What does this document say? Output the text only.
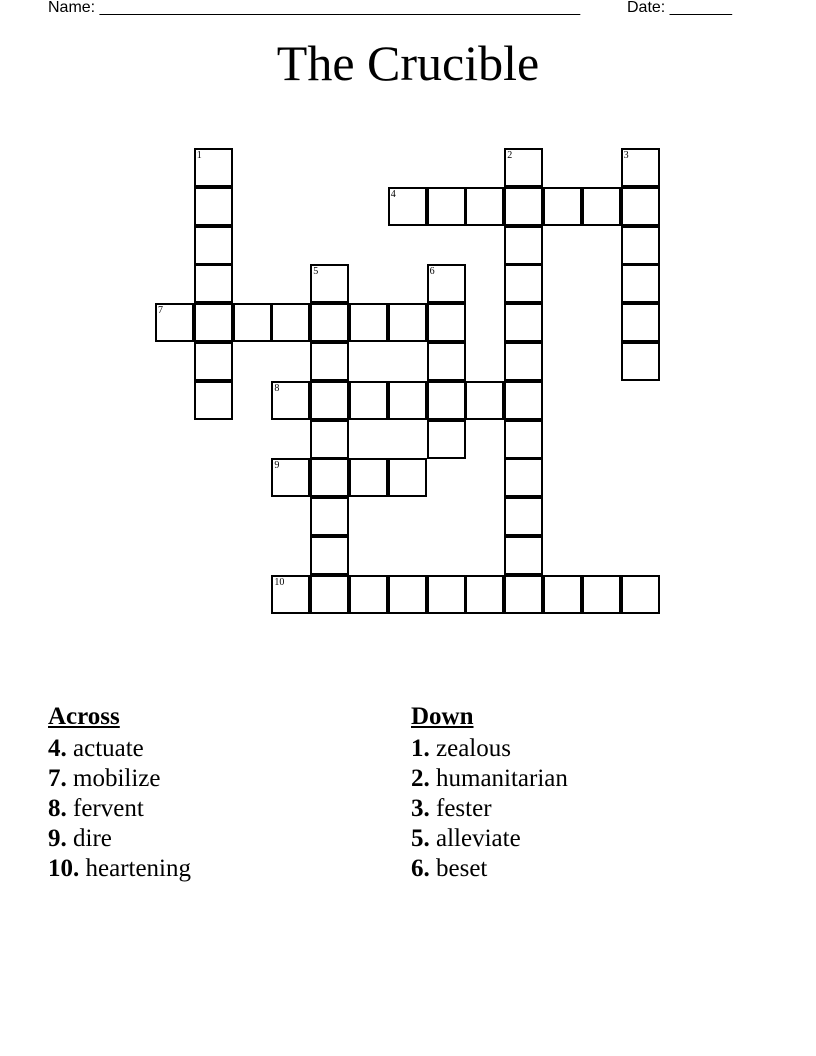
Name: ______________________________________________________	Date: _______
The Crucible
1	2	3
4
5	6
7
8
9
10
Across
4. actuate
7. mobilize
8. fervent
9. dire
10. heartening
Down
1. zealous
2. humanitarian
3. fester
5. alleviate
6. beset
